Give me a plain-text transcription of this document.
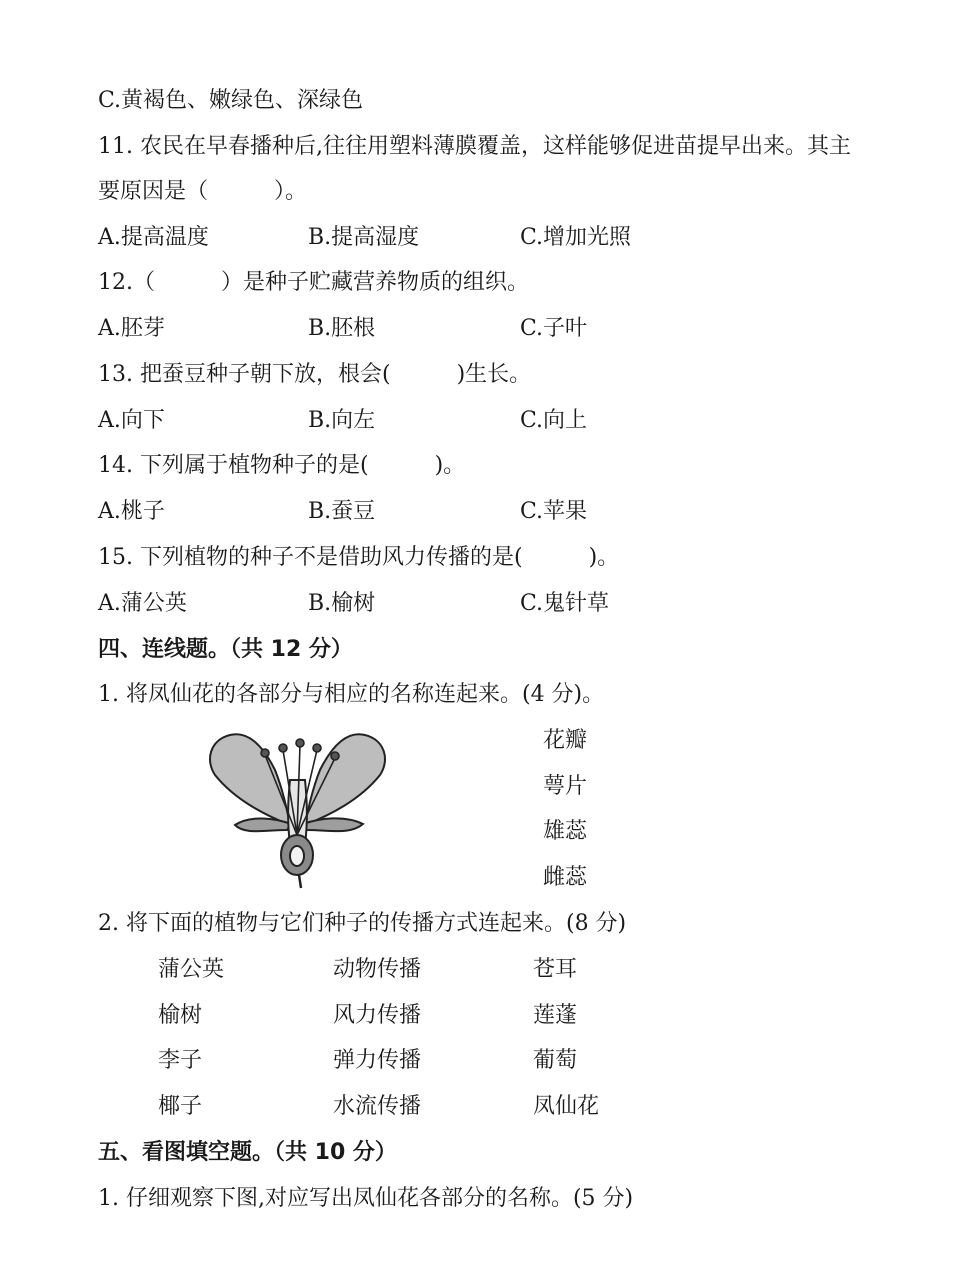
C.黄褐色、嫩绿色、深绿色
11. 农民在早春播种后,往往用塑料薄膜覆盖，这样能够促进苗提早出来。其主
要原因是（　　　）。
A.提高温度	B.提高湿度	C.增加光照
12.（　　　）是种子贮藏营养物质的组织。
A.胚芽	B.胚根	C.子叶
13. 把蚕豆种子朝下放，根会(　　　)生长。
A.向下	B.向左	C.向上
14. 下列属于植物种子的是(　　　)。
A.桃子	B.蚕豆	C.苹果
15. 下列植物的种子不是借助风力传播的是(　　　)。
A.蒲公英	B.榆树	C.鬼针草
四、连线题。（共 12 分）
1. 将凤仙花的各部分与相应的名称连起来。(4 分)。
花瓣
萼片
雄蕊
雌蕊
2. 将下面的植物与它们种子的传播方式连起来。(8 分)
蒲公英	动物传播	苍耳
榆树	风力传播	莲蓬
李子	弹力传播	葡萄
椰子	水流传播	凤仙花
五、看图填空题。（共 10 分）
1. 仔细观察下图,对应写出凤仙花各部分的名称。(5 分)
